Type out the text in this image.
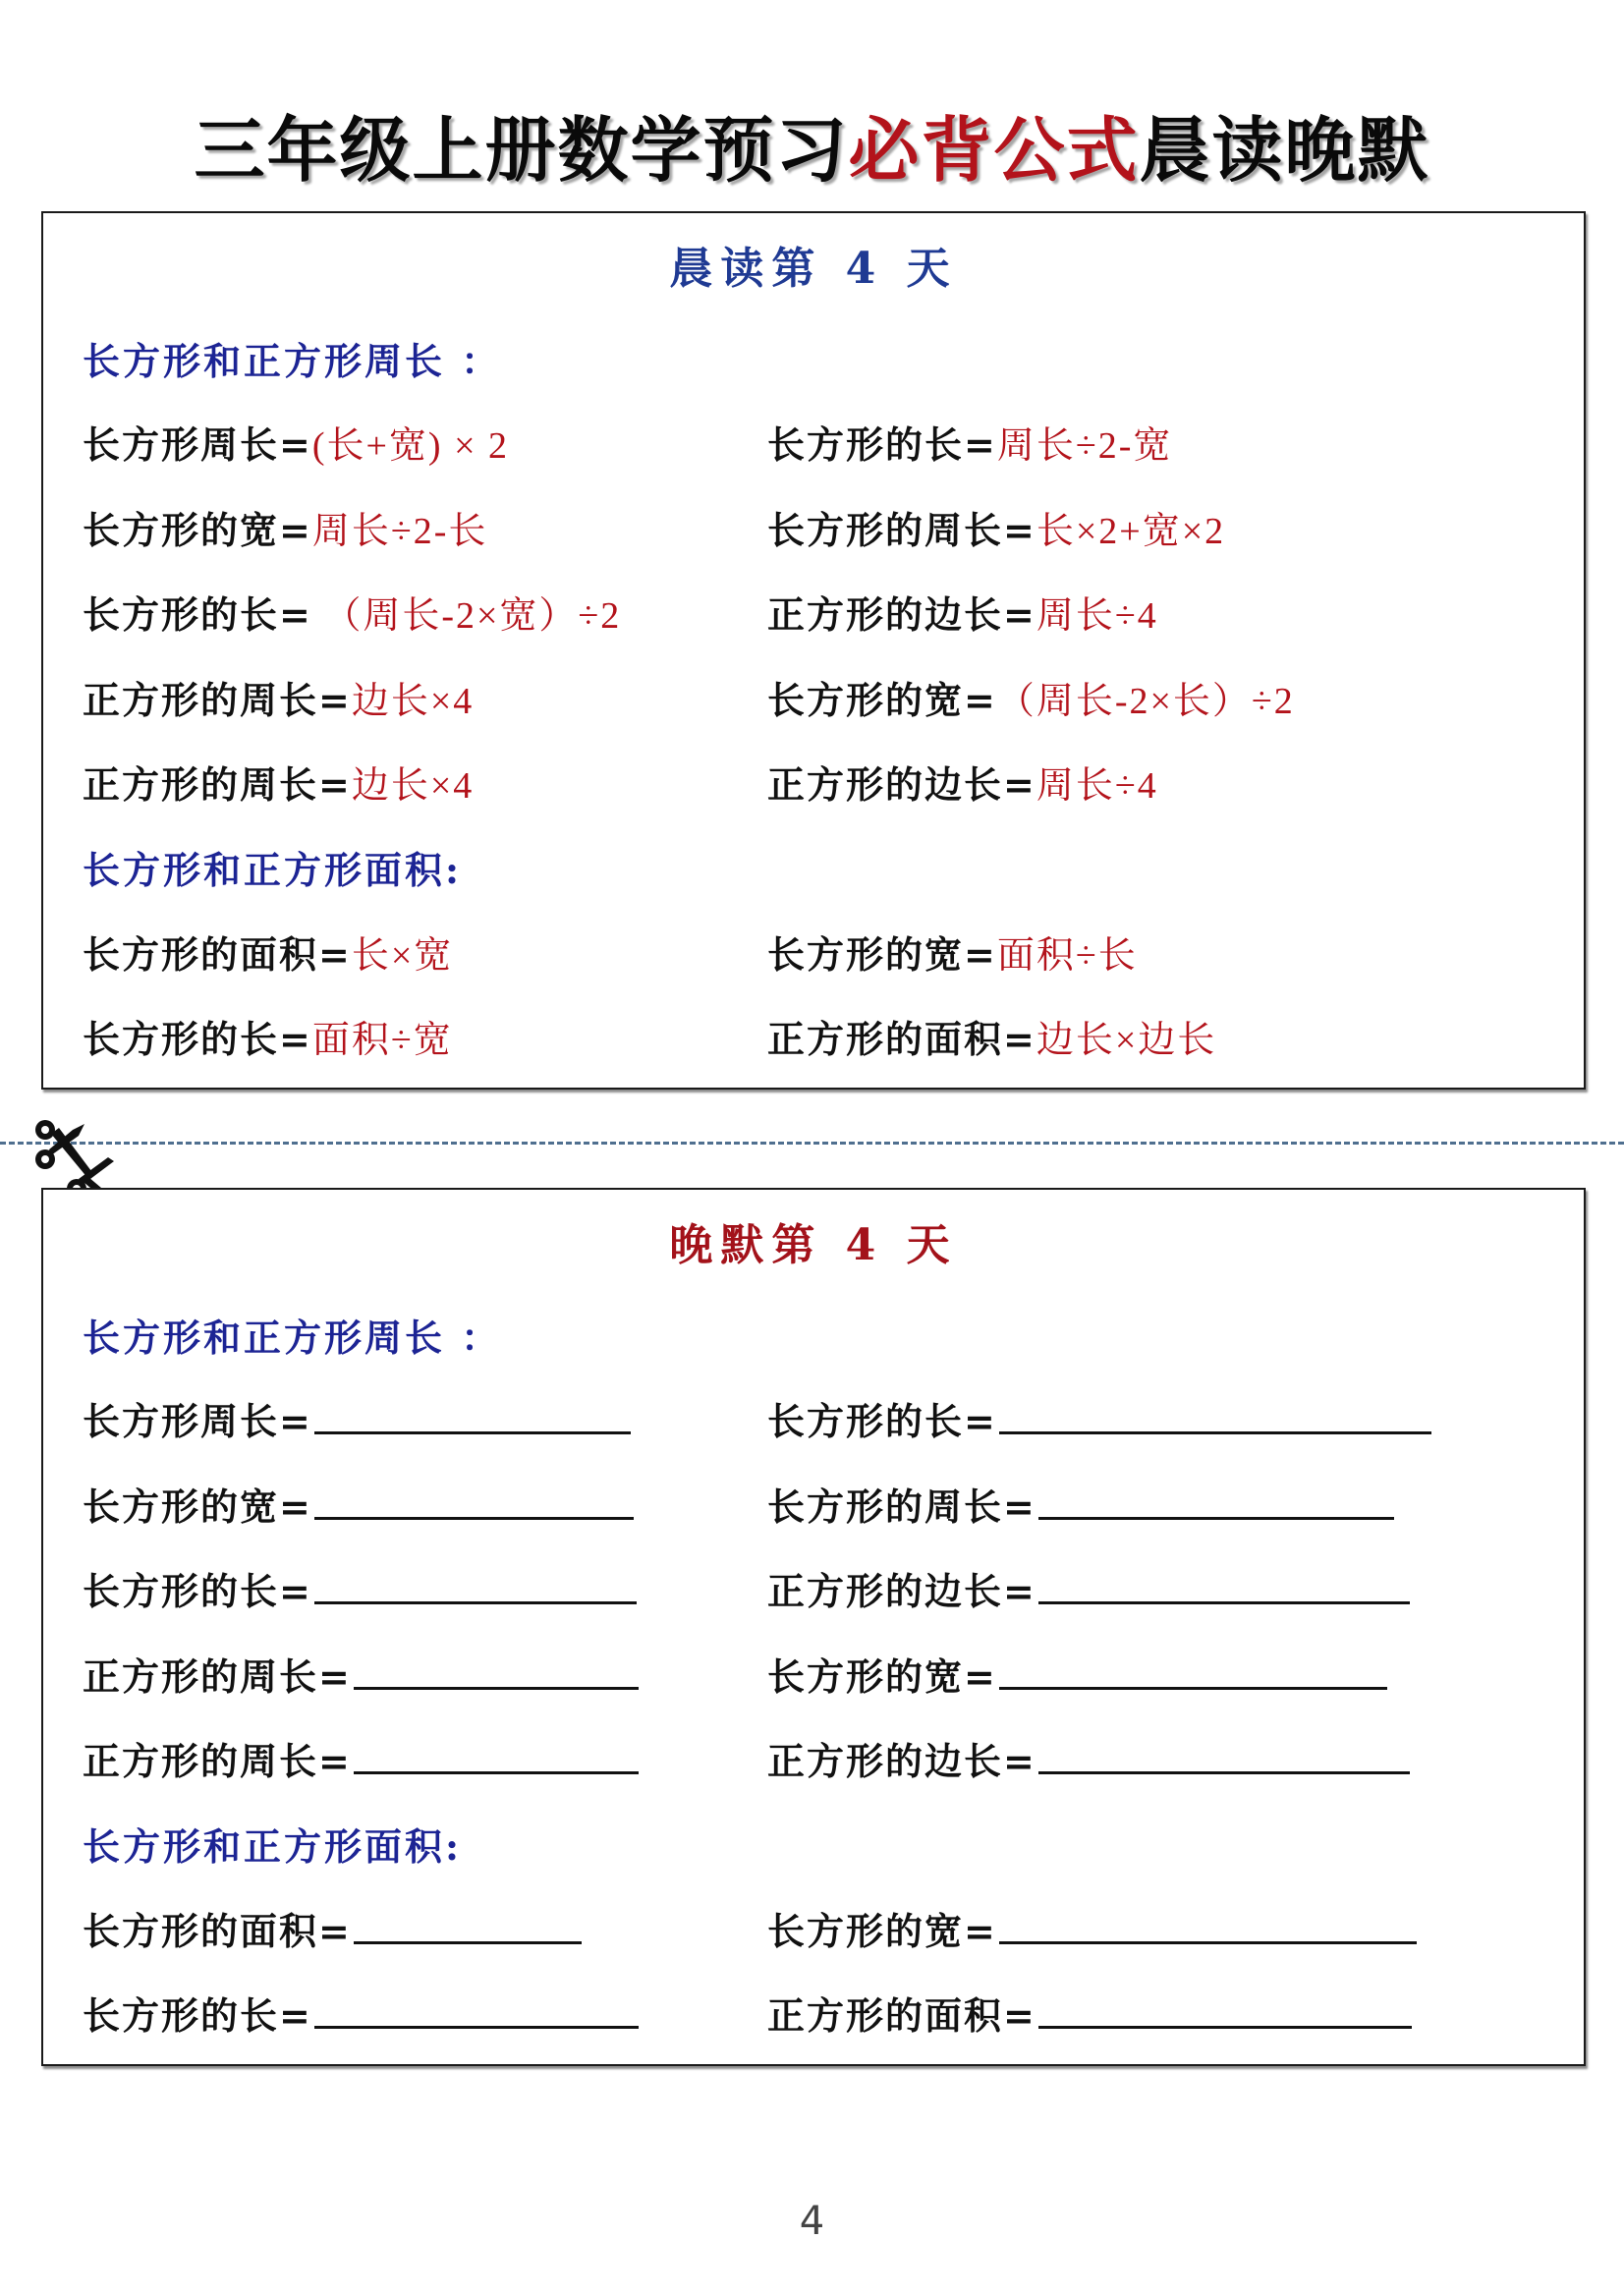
三年级上册数学预习必背公式晨读晚默
晨读第 4 天
长方形和正方形周长 ：
长方形周长=(长+宽) × 2	长方形的长=周长÷2-宽
长方形的宽=周长÷2-长	长方形的周长=长×2+宽×2
长方形的长= （周长-2×宽）÷2	正方形的边长=周长÷4
正方形的周长=边长×4	长方形的宽=（周长-2×长）÷2
正方形的周长=边长×4	正方形的边长=周长÷4
长方形和正方形面积:
长方形的面积=长×宽	长方形的宽=面积÷长
长方形的长=面积÷宽	正方形的面积=边长×边长
晚默第 4 天
长方形和正方形周长 ：
长方形周长=	长方形的长=
长方形的宽=	长方形的周长=
长方形的长=	正方形的边长=
正方形的周长=	长方形的宽=
正方形的周长=	正方形的边长=
长方形和正方形面积:
长方形的面积=	长方形的宽=
长方形的长=	正方形的面积=
4
